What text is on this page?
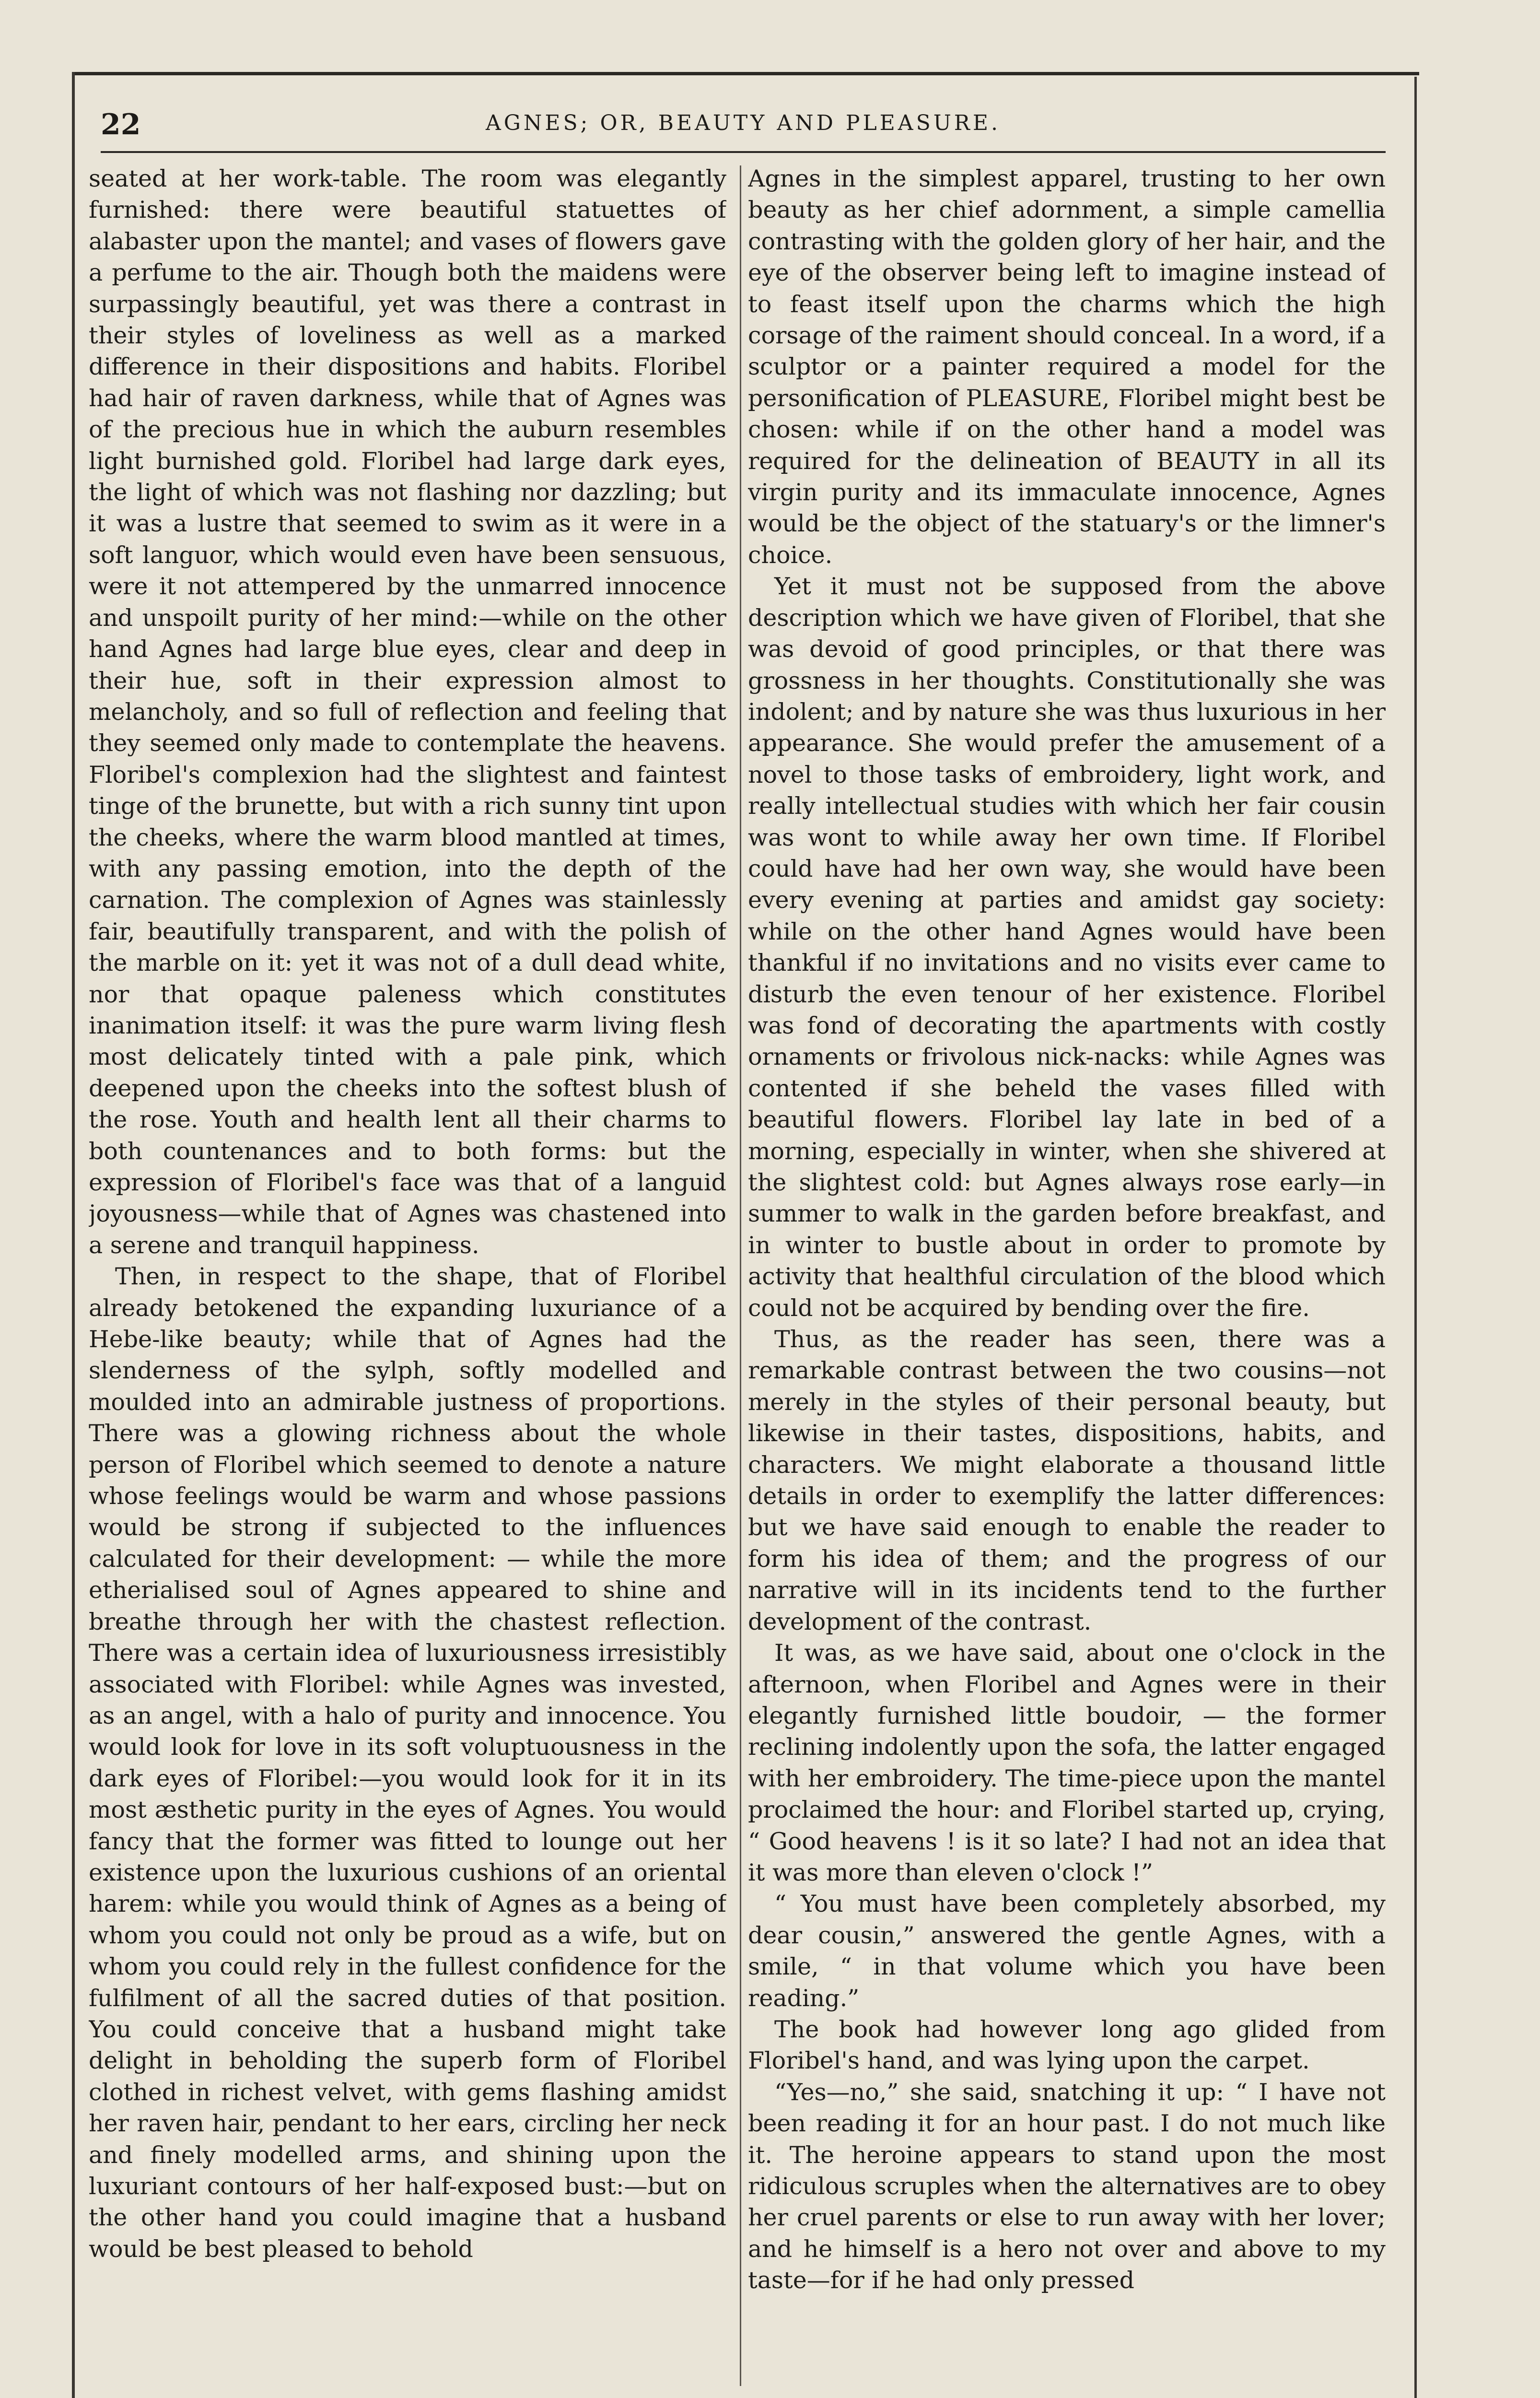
22	AGNES; OR, BEAUTY AND PLEASURE.

seated at her work-table. The room was elegantly furnished: there were beautiful statuettes of alabaster upon the mantel; and vases of flowers gave a perfume to the air. Though both the maidens were surpassingly beautiful, yet was there a contrast in their styles of loveliness as well as a marked difference in their dispositions and habits. Floribel had hair of raven darkness, while that of Agnes was of the precious hue in which the auburn resembles light burnished gold. Floribel had large dark eyes, the light of which was not flashing nor dazzling; but it was a lustre that seemed to swim as it were in a soft languor, which would even have been sensuous, were it not attempered by the unmarred innocence and unspoilt purity of her mind:—while on the other hand Agnes had large blue eyes, clear and deep in their hue, soft in their expression almost to melancholy, and so full of reflection and feeling that they seemed only made to contemplate the heavens. Floribel's complexion had the slightest and faintest tinge of the brunette, but with a rich sunny tint upon the cheeks, where the warm blood mantled at times, with any passing emotion, into the depth of the carnation. The complexion of Agnes was stainlessly fair, beautifully transparent, and with the polish of the marble on it: yet it was not of a dull dead white, nor that opaque paleness which constitutes inanimation itself: it was the pure warm living flesh most delicately tinted with a pale pink, which deepened upon the cheeks into the softest blush of the rose. Youth and health lent all their charms to both countenances and to both forms: but the expression of Floribel's face was that of a languid joyousness—while that of Agnes was chastened into a serene and tranquil happiness.

Then, in respect to the shape, that of Floribel already betokened the expanding luxuriance of a Hebe-like beauty; while that of Agnes had the slenderness of the sylph, softly modelled and moulded into an admirable justness of proportions. There was a glowing richness about the whole person of Floribel which seemed to denote a nature whose feelings would be warm and whose passions would be strong if subjected to the influences calculated for their development: — while the more etherialised soul of Agnes appeared to shine and breathe through her with the chastest reflection. There was a certain idea of luxuriousness irresistibly associated with Floribel: while Agnes was invested, as an angel, with a halo of purity and innocence. You would look for love in its soft voluptuousness in the dark eyes of Floribel:—you would look for it in its most æsthetic purity in the eyes of Agnes. You would fancy that the former was fitted to lounge out her existence upon the luxurious cushions of an oriental harem: while you would think of Agnes as a being of whom you could not only be proud as a wife, but on whom you could rely in the fullest confidence for the fulfilment of all the sacred duties of that position. You could conceive that a husband might take delight in beholding the superb form of Floribel clothed in richest velvet, with gems flashing amidst her raven hair, pendant to her ears, circling her neck and finely modelled arms, and shining upon the luxuriant contours of her half-exposed bust:—but on the other hand you could imagine that a husband would be best pleased to behold

Agnes in the simplest apparel, trusting to her own beauty as her chief adornment, a simple camellia contrasting with the golden glory of her hair, and the eye of the observer being left to imagine instead of to feast itself upon the charms which the high corsage of the raiment should conceal. In a word, if a sculptor or a painter required a model for the personification of PLEASURE, Floribel might best be chosen: while if on the other hand a model was required for the delineation of BEAUTY in all its virgin purity and its immaculate innocence, Agnes would be the object of the statuary's or the limner's choice.

Yet it must not be supposed from the above description which we have given of Floribel, that she was devoid of good principles, or that there was grossness in her thoughts. Constitutionally she was indolent; and by nature she was thus luxurious in her appearance. She would prefer the amusement of a novel to those tasks of embroidery, light work, and really intellectual studies with which her fair cousin was wont to while away her own time. If Floribel could have had her own way, she would have been every evening at parties and amidst gay society: while on the other hand Agnes would have been thankful if no invitations and no visits ever came to disturb the even tenour of her existence. Floribel was fond of decorating the apartments with costly ornaments or frivolous nick-nacks: while Agnes was contented if she beheld the vases filled with beautiful flowers. Floribel lay late in bed of a morning, especially in winter, when she shivered at the slightest cold: but Agnes always rose early—in summer to walk in the garden before breakfast, and in winter to bustle about in order to promote by activity that healthful circulation of the blood which could not be acquired by bending over the fire.

Thus, as the reader has seen, there was a remarkable contrast between the two cousins—not merely in the styles of their personal beauty, but likewise in their tastes, dispositions, habits, and characters. We might elaborate a thousand little details in order to exemplify the latter differences: but we have said enough to enable the reader to form his idea of them; and the progress of our narrative will in its incidents tend to the further development of the contrast.

It was, as we have said, about one o'clock in the afternoon, when Floribel and Agnes were in their elegantly furnished little boudoir, — the former reclining indolently upon the sofa, the latter engaged with her embroidery. The time-piece upon the mantel proclaimed the hour: and Floribel started up, crying, “ Good heavens ! is it so late? I had not an idea that it was more than eleven o'clock !”

“ You must have been completely absorbed, my dear cousin,” answered the gentle Agnes, with a smile, “ in that volume which you have been reading.”

The book had however long ago glided from Floribel's hand, and was lying upon the carpet.

“Yes—no,” she said, snatching it up: “ I have not been reading it for an hour past. I do not much like it. The heroine appears to stand upon the most ridiculous scruples when the alternatives are to obey her cruel parents or else to run away with her lover; and he himself is a hero not over and above to my taste—for if he had only pressed
